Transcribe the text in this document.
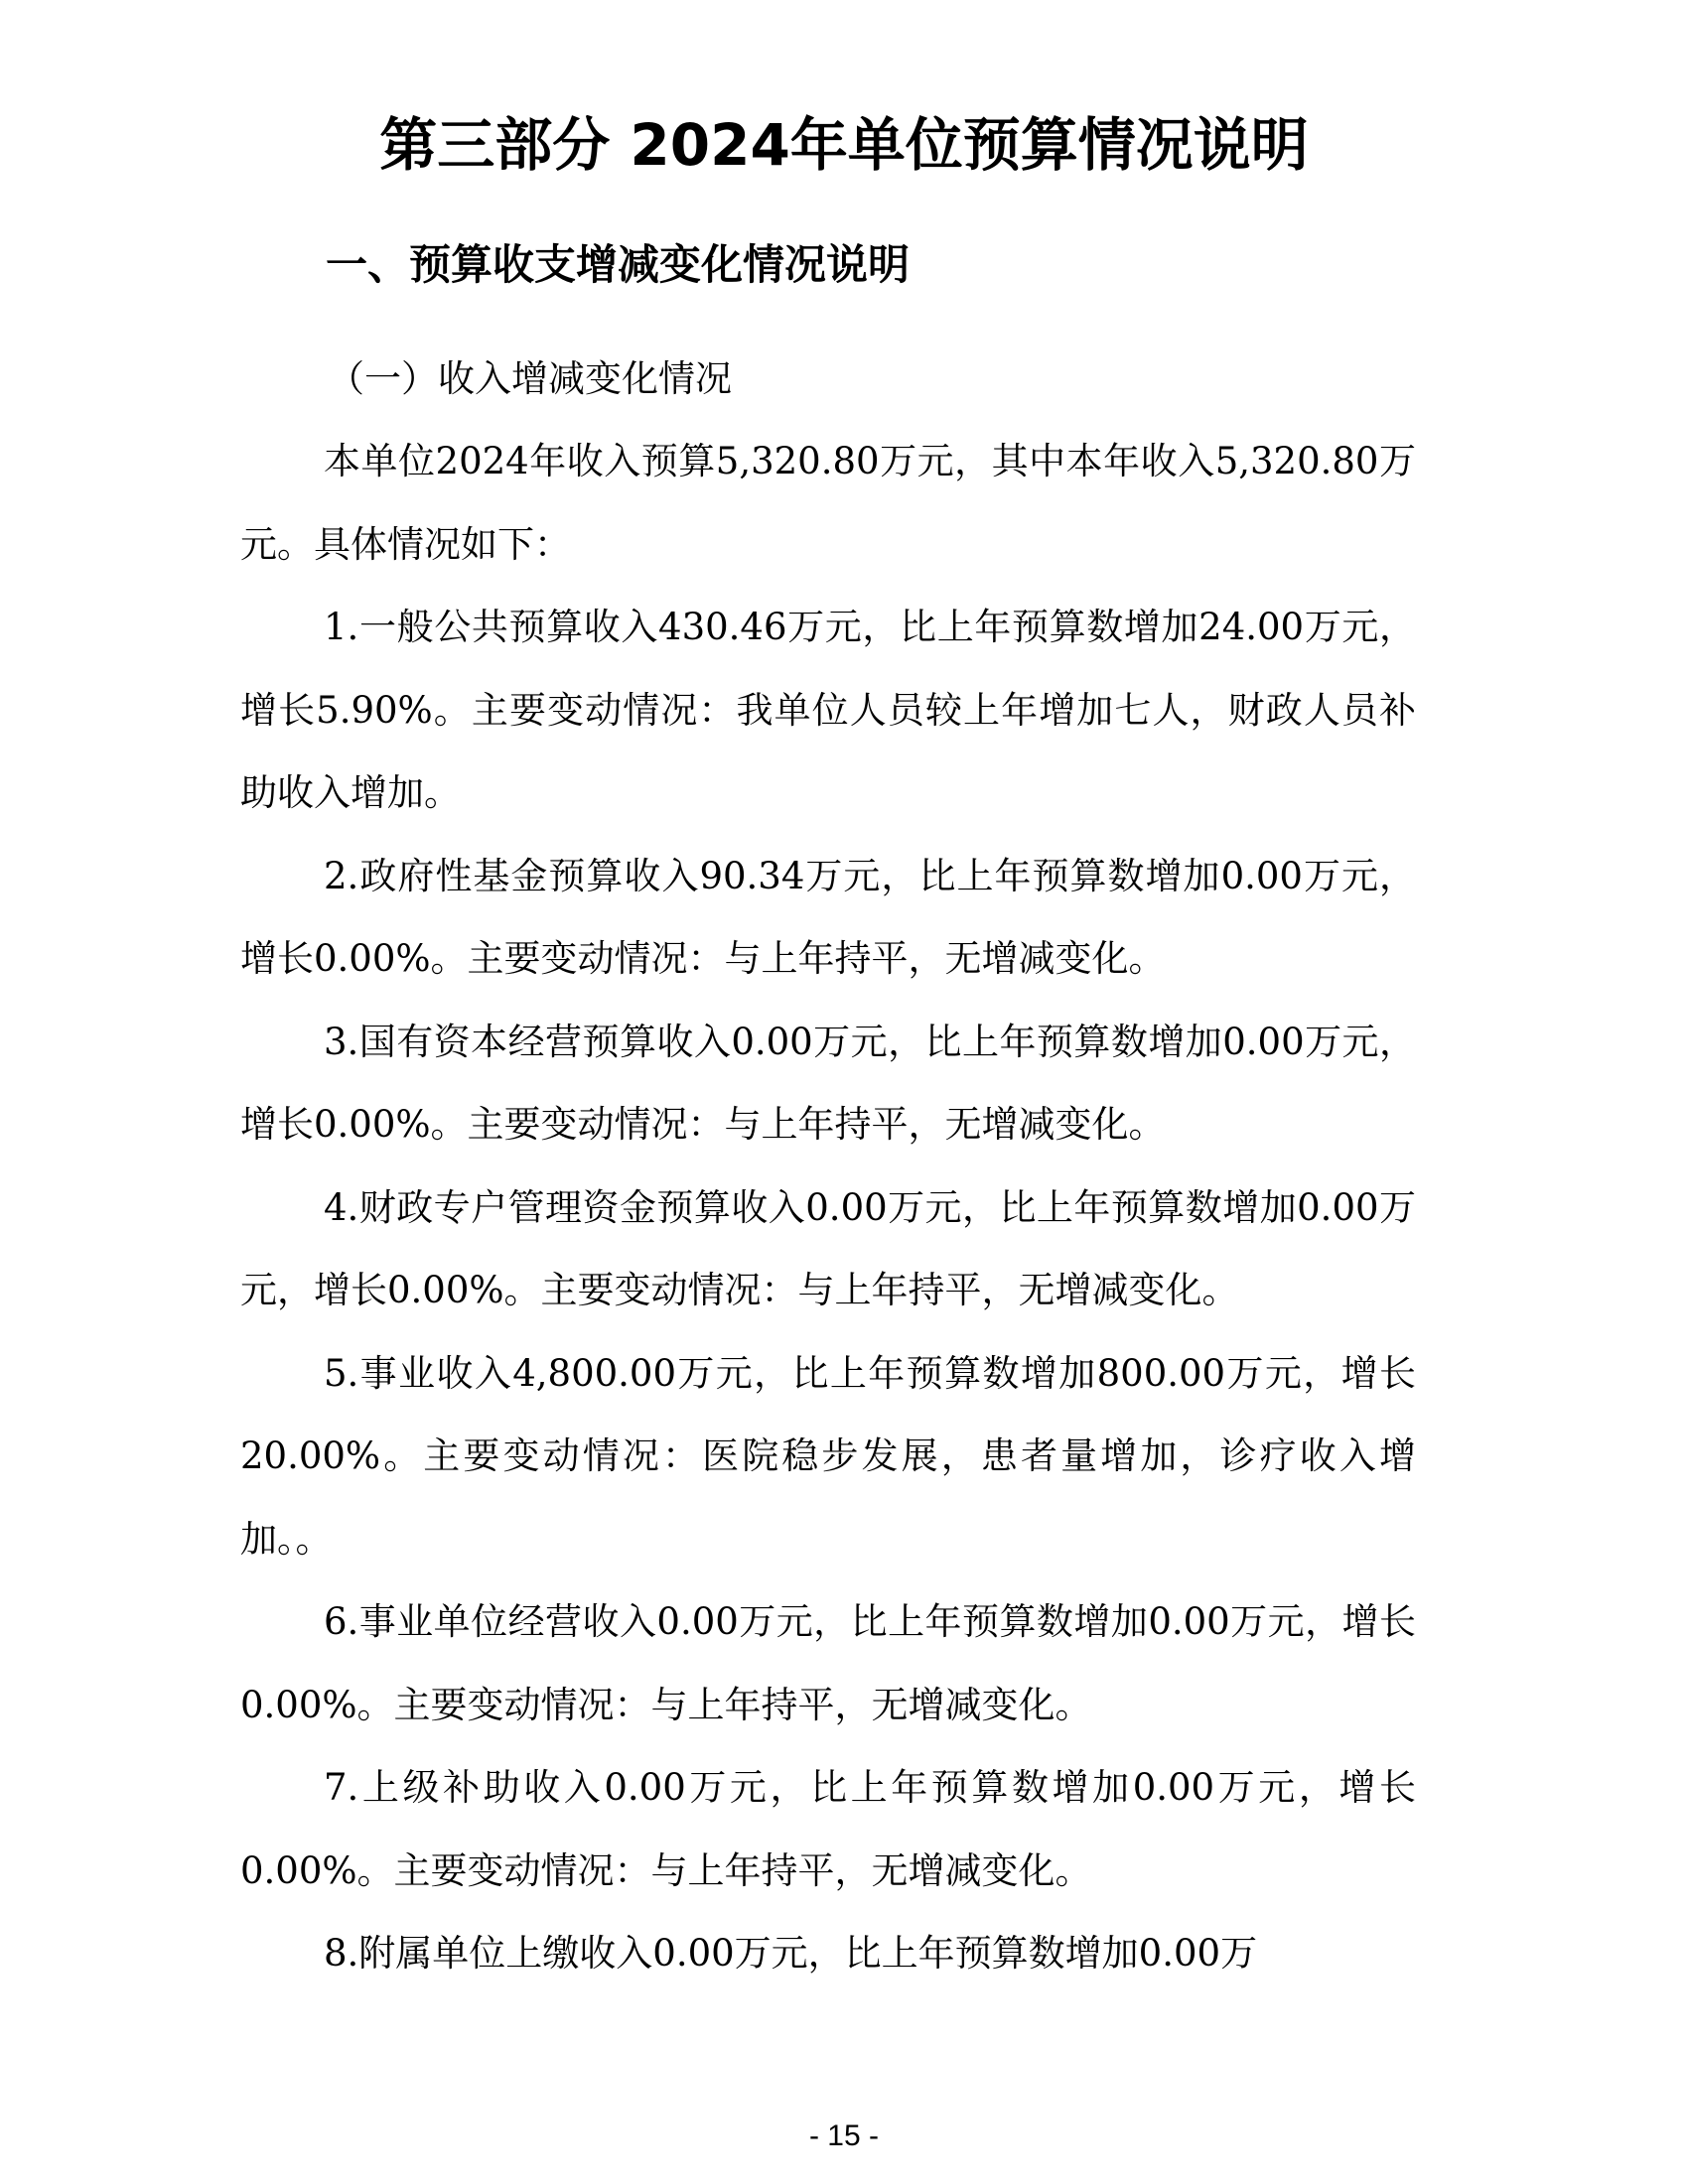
第三部分 2024年单位预算情况说明
一、预算收支增减变化情况说明
（一）收入增减变化情况

本单位2024年收入预算5,320.80万元，其中本年收入5,320.80万元。具体情况如下：

1.一般公共预算收入430.46万元，比上年预算数增加24.00万元，增长5.90%。主要变动情况：我单位人员较上年增加七人，财政人员补助收入增加。

2.政府性基金预算收入90.34万元，比上年预算数增加0.00万元，增长0.00%。主要变动情况：与上年持平，无增减变化。

3.国有资本经营预算收入0.00万元，比上年预算数增加0.00万元，增长0.00%。主要变动情况：与上年持平，无增减变化。

4.财政专户管理资金预算收入0.00万元，比上年预算数增加0.00万元，增长0.00%。主要变动情况：与上年持平，无增减变化。

5.事业收入4,800.00万元，比上年预算数增加800.00万元，增长20.00%。主要变动情况：医院稳步发展，患者量增加，诊疗收入增加。。

6.事业单位经营收入0.00万元，比上年预算数增加0.00万元，增长0.00%。主要变动情况：与上年持平，无增减变化。

7.上级补助收入0.00万元，比上年预算数增加0.00万元，增长0.00%。主要变动情况：与上年持平，无增减变化。

8.附属单位上缴收入0.00万元，比上年预算数增加0.00万

- 15 -
